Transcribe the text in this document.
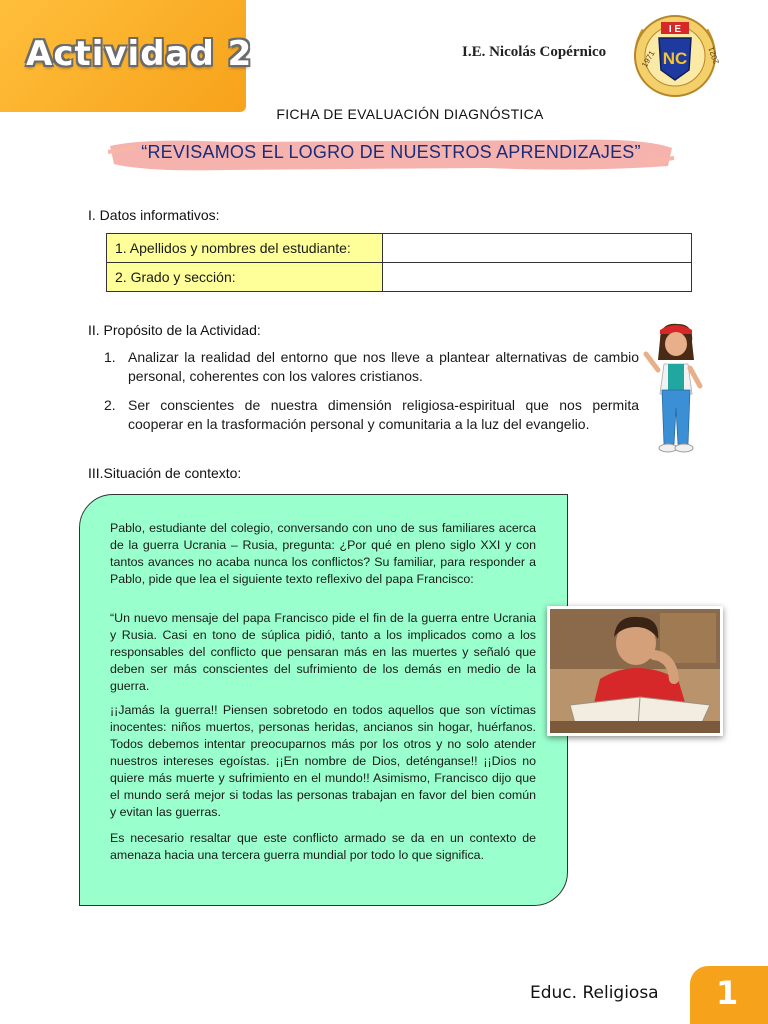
Actividad 2	I.E. Nicolás Copérnico
I E
NC
1971	2021
FICHA DE EVALUACIÓN DIAGNÓSTICA
“REVISAMOS EL LOGRO DE NUESTROS APRENDIZAJES”
I. Datos informativos:
1. Apellidos y nombres del estudiante:	
2. Grado y sección:	
II. Propósito de la Actividad:
1. Analizar la realidad del entorno que nos lleve a plantear alternativas de cambio personal, coherentes con los valores cristianos.
2. Ser conscientes de nuestra dimensión religiosa-espiritual que nos permita cooperar en la trasformación personal y comunitaria a la luz del evangelio.
III.Situación de contexto:
Pablo, estudiante del colegio, conversando con uno de sus familiares acerca de la guerra Ucrania – Rusia, pregunta: ¿Por qué en pleno siglo XXI y con tantos avances no acaba nunca los conflictos? Su familiar, para responder a Pablo, pide que lea el siguiente texto reflexivo del papa Francisco:
“Un nuevo mensaje del papa Francisco pide el fin de la guerra entre Ucrania y Rusia. Casi en tono de súplica pidió, tanto a los implicados como a los responsables del conflicto que pensaran más en las muertes y señaló que deben ser más conscientes del sufrimiento de los demás en medio de la guerra.
¡¡Jamás la guerra!! Piensen sobretodo en todos aquellos que son víctimas inocentes: niños muertos, personas heridas, ancianos sin hogar, huérfanos. Todos debemos intentar preocuparnos más por los otros y no solo atender nuestros intereses egoístas. ¡¡En nombre de Dios, deténganse!! ¡¡Dios no quiere más muerte y sufrimiento en el mundo!! Asimismo, Francisco dijo que el mundo será mejor si todas las personas trabajan en favor del bien común y evitan las guerras.
Es necesario resaltar que este conflicto armado se da en un contexto de amenaza hacia una tercera guerra mundial por todo lo que significa.
Educ. Religiosa 1
